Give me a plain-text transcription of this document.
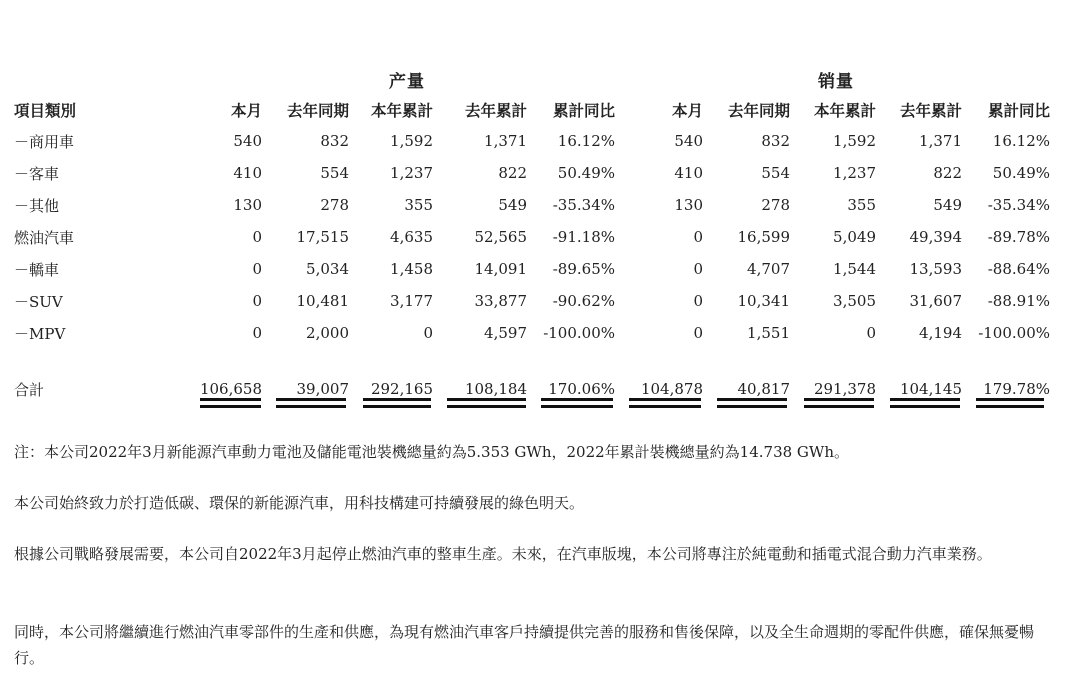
产量	销量
項目類別	本月	去年同期	本年累計	去年累計	累計同比	本月	去年同期	本年累計	去年累計	累計同比
－商用車	540	832	1,592	1,371	16.12%	540	832	1,592	1,371	16.12%
－客車	410	554	1,237	822	50.49%	410	554	1,237	822	50.49%
－其他	130	278	355	549	-35.34%	130	278	355	549	-35.34%
燃油汽車	0	17,515	4,635	52,565	-91.18%	0	16,599	5,049	49,394	-89.78%
－轎車	0	5,034	1,458	14,091	-89.65%	0	4,707	1,544	13,593	-88.64%
－SUV	0	10,481	3,177	33,877	-90.62%	0	10,341	3,505	31,607	-88.91%
－MPV	0	2,000	0	4,597	-100.00%	0	1,551	0	4,194	-100.00%

合計	106,658	39,007	292,165	108,184	170.06%	104,878	40,817	291,378	104,145	179.78%
注：本公司2022年3月新能源汽車動力電池及儲能電池裝機總量約為5.353 GWh，2022年累計裝機總量約為14.738 GWh。
本公司始終致力於打造低碳、環保的新能源汽車，用科技構建可持續發展的綠色明天。
根據公司戰略發展需要，本公司自2022年3月起停止燃油汽車的整車生產。未來，在汽車版塊，本公司將專注於純電動和插電式混合動力汽車業務。
同時，本公司將繼續進行燃油汽車零部件的生產和供應，為現有燃油汽車客戶持續提供完善的服務和售後保障，以及全生命週期的零配件供應，確保無憂暢行。
